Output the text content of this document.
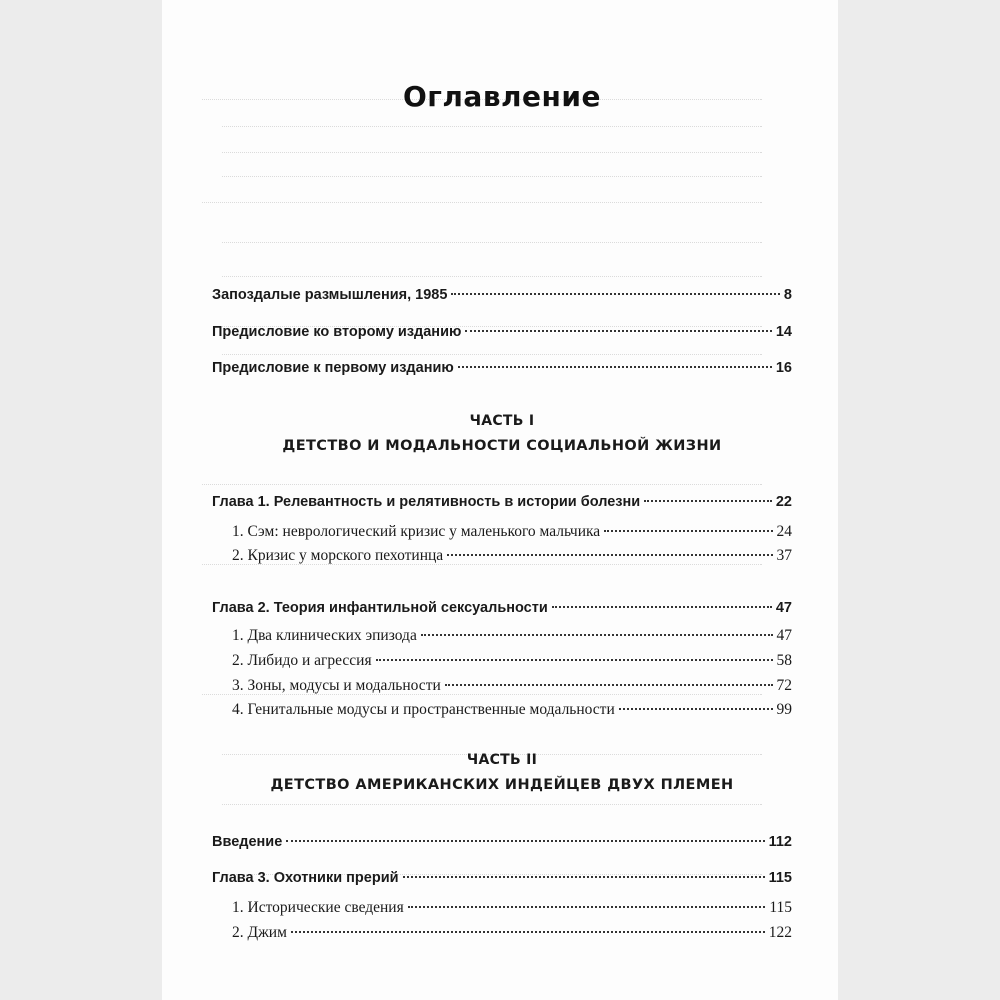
Оглавление
Запоздалые размышления, 1985	8
Предисловие ко второму изданию	14
Предисловие к первому изданию	16
ЧАСТЬ I
ДЕТСТВО И МОДАЛЬНОСТИ СОЦИАЛЬНОЙ ЖИЗНИ
Глава 1. Релевантность и релятивность в истории болезни	22
1. Сэм: неврологический кризис у маленького мальчика	24
2. Кризис у морского пехотинца	37
Глава 2. Теория инфантильной сексуальности	47
1. Два клинических эпизода	47
2. Либидо и агрессия	58
3. Зоны, модусы и модальности	72
4. Генитальные модусы и пространственные модальности	99
ЧАСТЬ II
ДЕТСТВО АМЕРИКАНСКИХ ИНДЕЙЦЕВ ДВУХ ПЛЕМЕН
Введение	112
Глава 3. Охотники прерий	115
1. Исторические сведения	115
2. Джим	122
